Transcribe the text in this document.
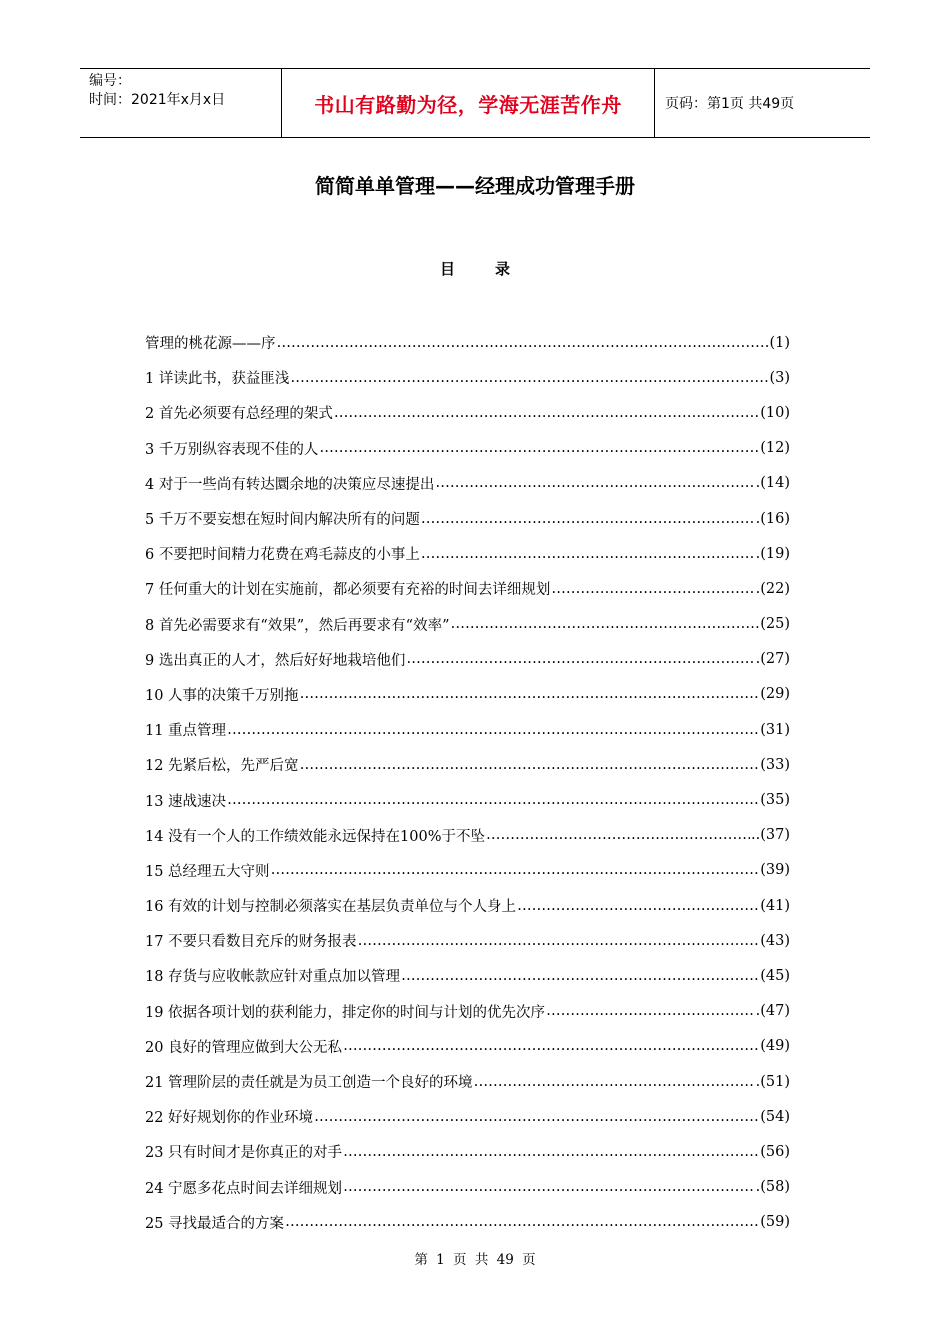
编号：
时间：2021年x月x日	书山有路勤为径，学海无涯苦作舟	页码：第1页 共49页
简简单单管理——经理成功管理手册
目录
管理的桃花源——序 …………………………………………………………………………………………………………………………………………	(1)
1 详读此书，获益匪浅 …………………………………………………………………………………………………………………………………………	(3)
2 首先必须要有总经理的架式 …………………………………………………………………………………………………………………………………………	(10)
3 千万别纵容表现不佳的人 …………………………………………………………………………………………………………………………………………	(12)
4 对于一些尚有转达圜余地的决策应尽速提出 …………………………………………………………………………………………………………………………………………	.(14)
5 千万不要妄想在短时间内解决所有的问题 …………………………………………………………………………………………………………………………………………	.(16)
6 不要把时间精力花费在鸡毛蒜皮的小事上 …………………………………………………………………………………………………………………………………………	.(19)
7 任何重大的计划在实施前，都必须要有充裕的时间去详细规划 …………………………………………………………………………………………………………………………………………	.(22)
8 首先必需要求有“效果”，然后再要求有“效率” …………………………………………………………………………………………………………………………………………	(25)
9 选出真正的人才，然后好好地栽培他们 …………………………………………………………………………………………………………………………………………	.(27)
10 人事的决策千万别拖 …………………………………………………………………………………………………………………………………………	(29)
11 重点管理 …………………………………………………………………………………………………………………………………………	(31)
12 先紧后松，先严后宽 …………………………………………………………………………………………………………………………………………	(33)
13 速战速决 …………………………………………………………………………………………………………………………………………	(35)
14 没有一个人的工作绩效能永远保持在100%于不坠 …………………………………………………………………………………………………………………………………………	..(37)
15 总经理五大守则 …………………………………………………………………………………………………………………………………………	(39)
16 有效的计划与控制必须落实在基层负责单位与个人身上 …………………………………………………………………………………………………………………………………………	(41)
17 不要只看数目充斥的财务报表 …………………………………………………………………………………………………………………………………………	(43)
18 存货与应收帐款应针对重点加以管理 …………………………………………………………………………………………………………………………………………	(45)
19 依据各项计划的获利能力，排定你的时间与计划的优先次序 …………………………………………………………………………………………………………………………………………	.(47)
20 良好的管理应做到大公无私 …………………………………………………………………………………………………………………………………………	(49)
21 管理阶层的责任就是为员工创造一个良好的环境 …………………………………………………………………………………………………………………………………………	.(51)
22 好好规划你的作业环境 …………………………………………………………………………………………………………………………………………	(54)
23 只有时间才是你真正的对手 …………………………………………………………………………………………………………………………………………	(56)
24 宁愿多花点时间去详细规划 …………………………………………………………………………………………………………………………………………	.(58)
25 寻找最适合的方案 …………………………………………………………………………………………………………………………………………	(59)
第 1 页 共 49 页
